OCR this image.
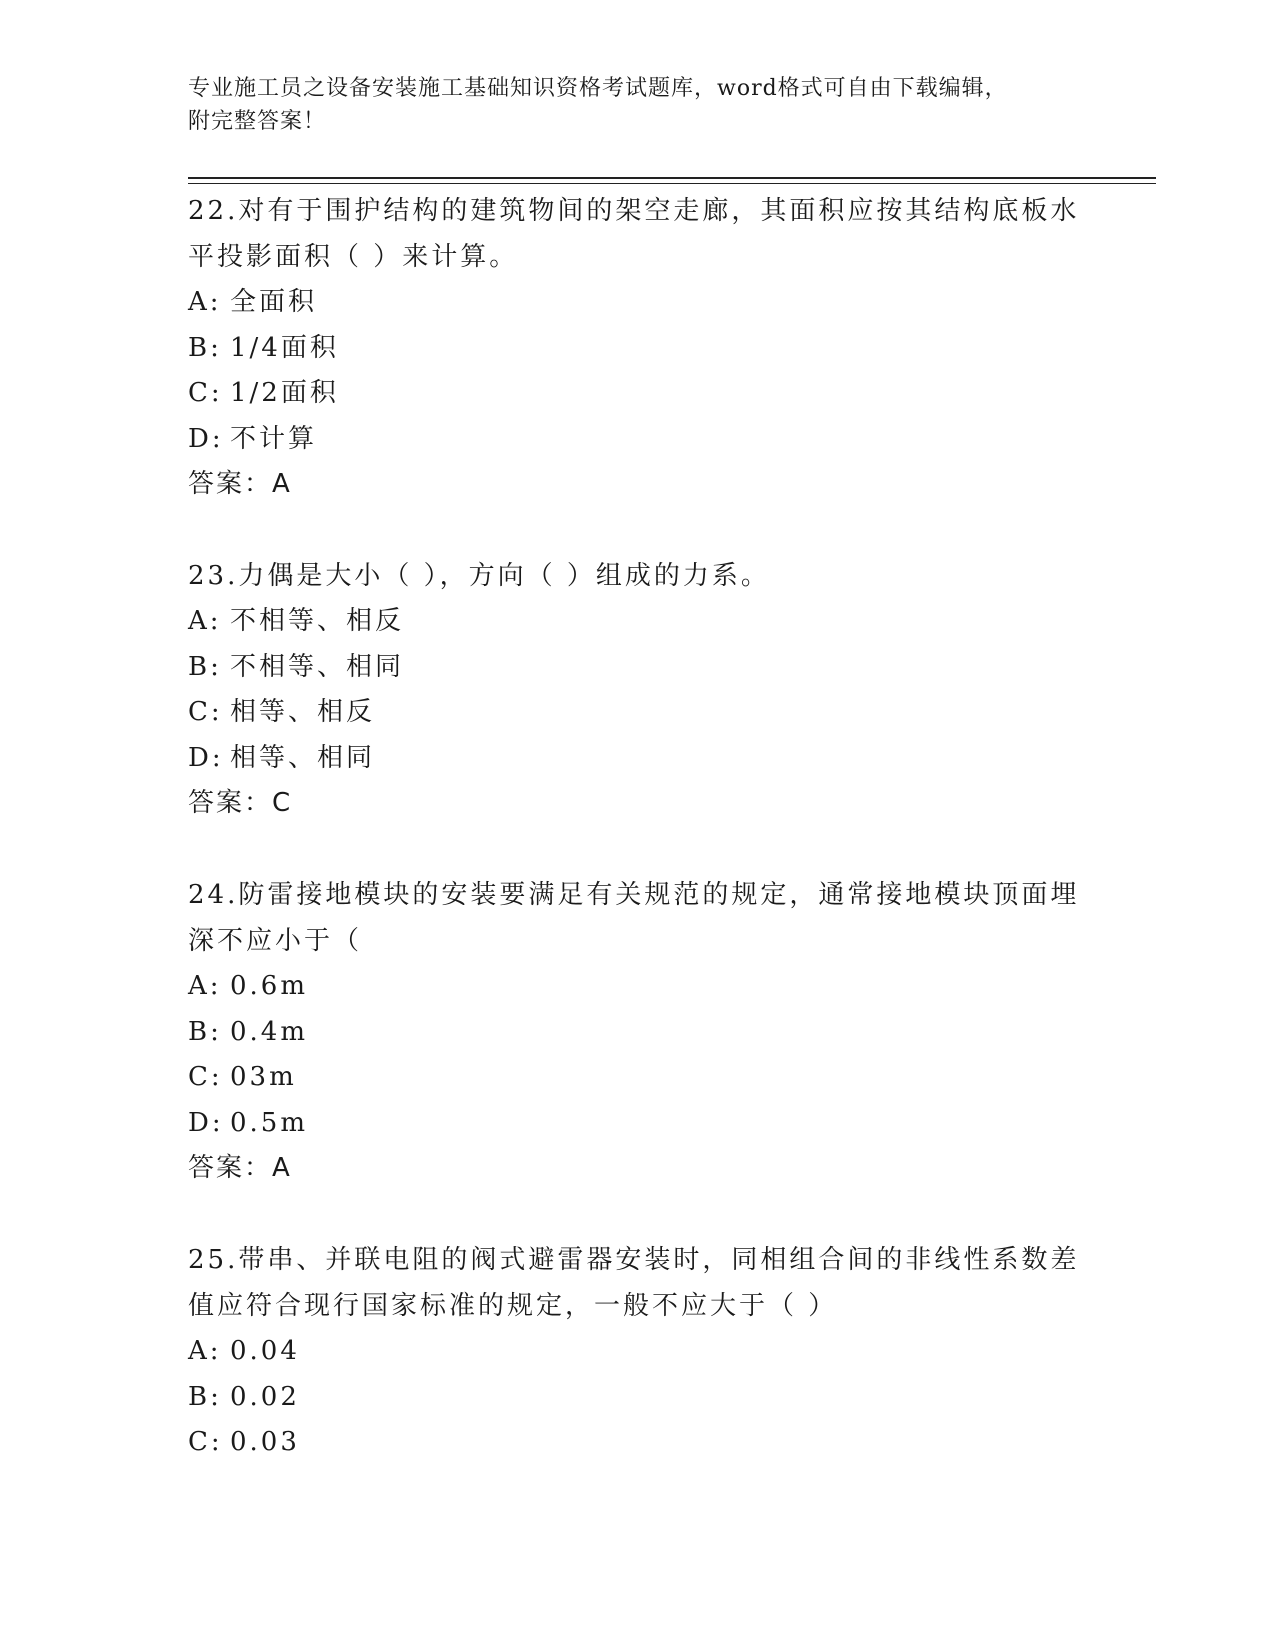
专业施工员之设备安装施工基础知识资格考试题库，word格式可自由下载编辑，
附完整答案！

22.对有于围护结构的建筑物间的架空走廊，其面积应按其结构底板水平投影面积（ ）来计算。

A: 全面积

B: 1/4面积

C: 1/2面积

D: 不计算

答案：A

23.力偶是大小（ ），方向（ ）组成的力系。

A: 不相等、相反

B: 不相等、相同

C: 相等、相反

D: 相等、相同

答案：C

24.防雷接地模块的安装要满足有关规范的规定，通常接地模块顶面埋深不应小于（

A: 0.6m

B: 0.4m

C: 03m

D: 0.5m

答案：A

25.带串、并联电阻的阀式避雷器安装时，同相组合间的非线性系数差值应符合现行国家标准的规定，一般不应大于（ ）

A: 0.04

B: 0.02

C: 0.03
